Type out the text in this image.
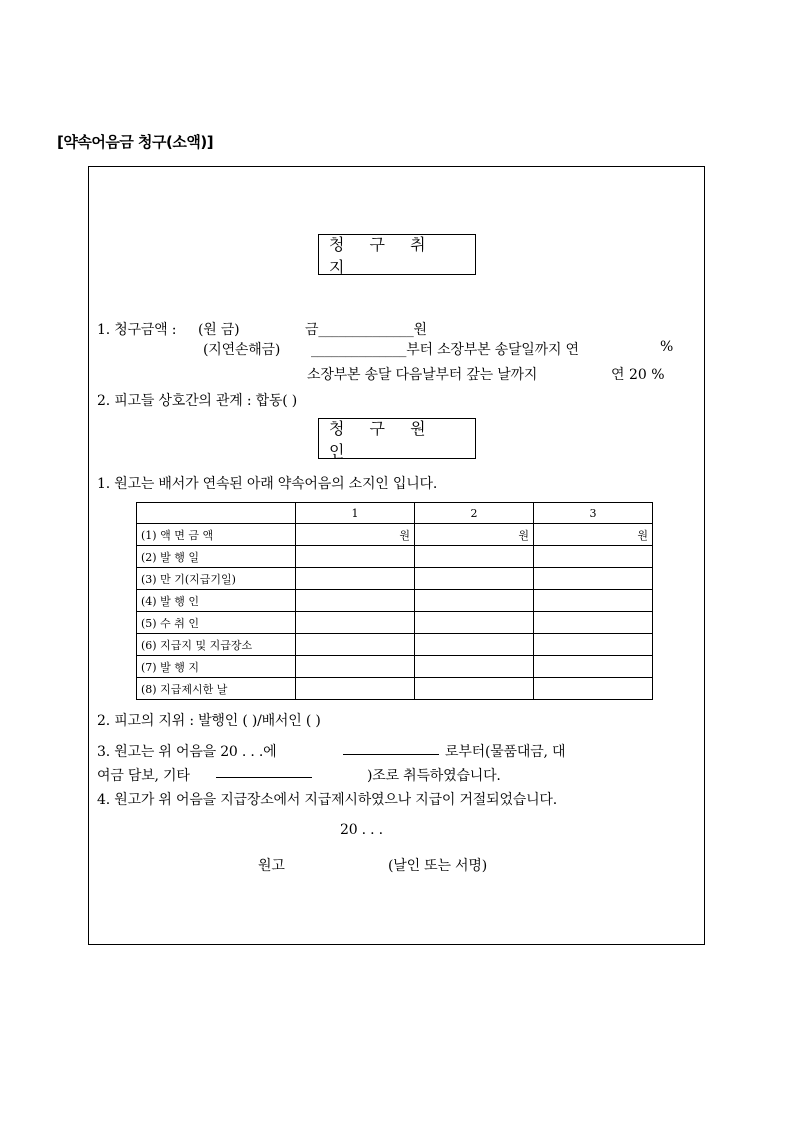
[약속어음금 청구(소액)]
청 구 취 지
1. 청구금액 : (원 금)	금______________원
(지연손해금) ______________부터 소장부본 송달일까지 연	%
소장부본 송달 다음날부터 갚는 날까지	연 20 %
2. 피고들 상호간의 관계 : 합동( )
청 구 원 인
1. 원고는 배서가 연속된 아래 약속어음의 소지인 입니다.
	1	2	3
(1) 액 면 금 액	원	원	원
(2) 발 행 일			
(3) 만 기(지급기일)			
(4) 발 행 인			
(5) 수 취 인			
(6) 지급지 및 지급장소			
(7) 발 행 지			
(8) 지급제시한 날			
2. 피고의 지위 : 발행인 ( )/배서인 ( )
3. 원고는 위 어음을 20 . . .에	로부터(물품대금, 대
여금 담보, 기타	)조로 취득하였습니다.
4. 원고가 위 어음을 지급장소에서 지급제시하였으나 지급이 거절되었습니다.
20 . . .
원고	(날인 또는 서명)
